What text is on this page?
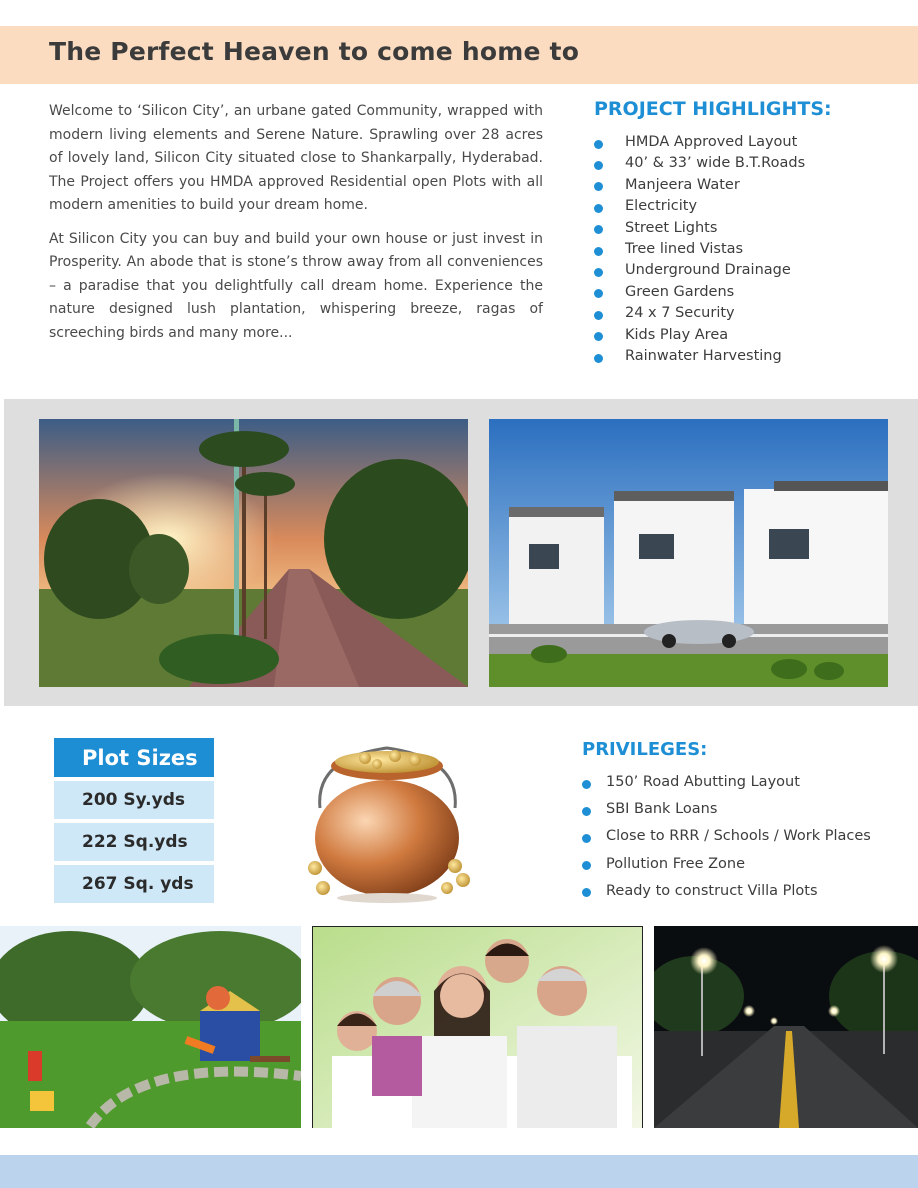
The Perfect Heaven to come home to

Welcome to ‘Silicon City’, an urbane gated Community, wrapped with modern living elements and Serene Nature. Sprawling over 28 acres of lovely land, Silicon City situated close to Shankarpally, Hyderabad. The Project offers you HMDA approved Residential open Plots with all modern amenities to build your dream home.

At Silicon City you can buy and build your own house or just invest in Prosperity. An abode that is stone’s throw away from all conveniences – a paradise that you delightfully call dream home. Experience the nature designed lush plantation, whispering breeze, ragas of screeching birds and many more...

PROJECT HIGHLIGHTS:
HMDA Approved Layout
40’ & 33’ wide B.T.Roads
Manjeera Water
Electricity
Street Lights
Tree lined Vistas
Underground Drainage
Green Gardens
24 x 7 Security
Kids Play Area
Rainwater Harvesting
Plot Sizes
200 Sy.yds
222 Sq.yds
267 Sq. yds
PRIVILEGES:
150’ Road Abutting Layout
SBI Bank Loans
Close to RRR / Schools / Work Places
Pollution Free Zone
Ready to construct Villa Plots
